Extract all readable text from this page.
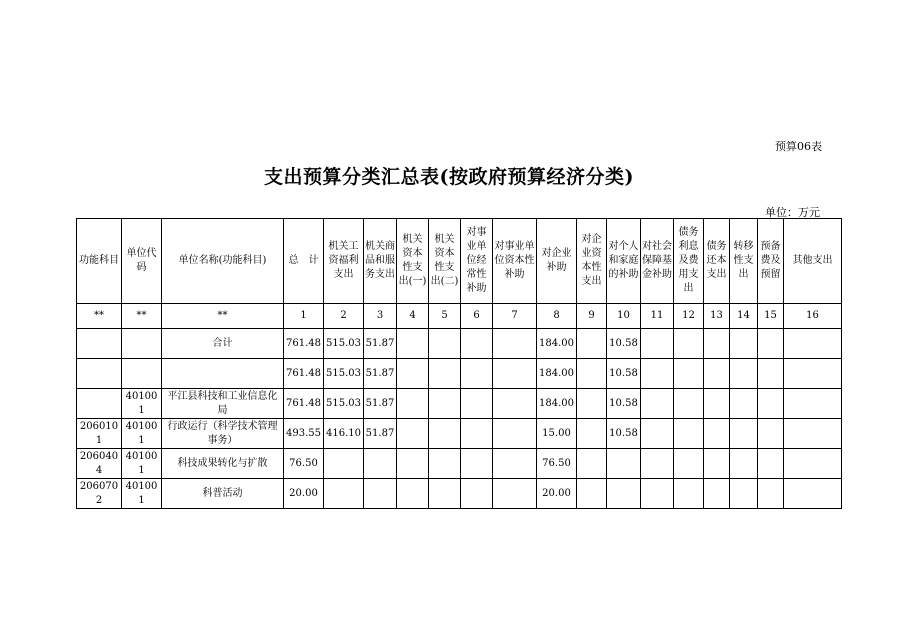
预算06表
支出预算分类汇总表(按政府预算经济分类)
单位：万元
功能科目	单位代码	单位名称(功能科目)	总　计	机关工资福利支出	机关商品和服务支出	机关资本性支出(一)	机关资本性支出(二)	对事业单位经常性补助	对事业单位资本性补助	对企业补助	对企业资本性支出	对个人和家庭的补助	对社会保障基金补助	债务利息及费用支出	债务还本支出	转移性支出	预备费及预留	其他支出
**	**	**	1	2	3	4	5	6	7	8	9	10	11	12	13	14	15	16
		合计	761.48	515.03	51.87					184.00		10.58						
			761.48	515.03	51.87					184.00		10.58						
	401001	平江县科技和工业信息化局	761.48	515.03	51.87					184.00		10.58						
2060101	401001	行政运行（科学技术管理事务）	493.55	416.10	51.87					15.00		10.58						
2060404	401001	科技成果转化与扩散	76.50							76.50								
2060702	401001	科普活动	20.00							20.00								
